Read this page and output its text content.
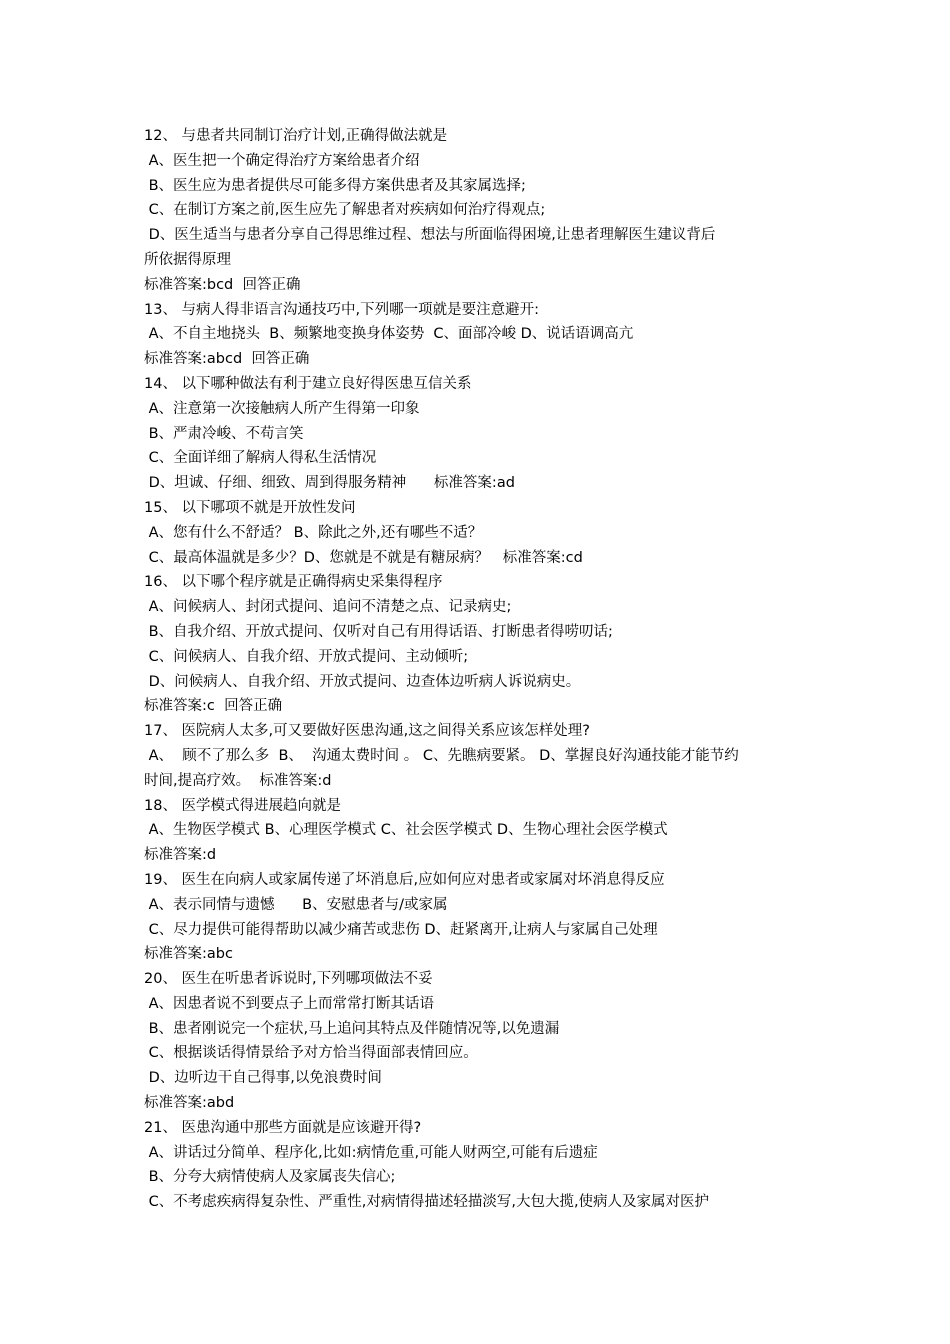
12、 与患者共同制订治疗计划,正确得做法就是
A、医生把一个确定得治疗方案给患者介绍
B、医生应为患者提供尽可能多得方案供患者及其家属选择;
C、在制订方案之前,医生应先了解患者对疾病如何治疗得观点;
D、医生适当与患者分享自己得思维过程、想法与所面临得困境,让患者理解医生建议背后
所依据得原理
标准答案:bcd  回答正确
13、 与病人得非语言沟通技巧中,下列哪一项就是要注意避开:
A、不自主地挠头  B、频繁地变换身体姿势  C、面部冷峻 D、说话语调高亢
标准答案:abcd  回答正确
14、 以下哪种做法有利于建立良好得医患互信关系
A、注意第一次接触病人所产生得第一印象
B、严肃冷峻、不苟言笑
C、全面详细了解病人得私生活情况
D、坦诚、仔细、细致、周到得服务精神      标准答案:ad
15、 以下哪项不就是开放性发问
A、您有什么不舒适？ B、除此之外,还有哪些不适？
C、最高体温就是多少？D、您就是不就是有糖尿病？   标准答案:cd
16、 以下哪个程序就是正确得病史采集得程序
A、问候病人、封闭式提问、追问不清楚之点、记录病史;
B、自我介绍、开放式提问、仅听对自己有用得话语、打断患者得唠叨话;
C、问候病人、自我介绍、开放式提问、主动倾听;
D、问候病人、自我介绍、开放式提问、边查体边听病人诉说病史。
标准答案:c  回答正确
17、 医院病人太多,可又要做好医患沟通,这之间得关系应该怎样处理?
A、  顾不了那么多  B、  沟通太费时间 。 C、先瞧病要紧。 D、掌握良好沟通技能才能节约
时间,提高疗效。  标准答案:d
18、 医学模式得进展趋向就是
A、生物医学模式 B、心理医学模式 C、社会医学模式 D、生物心理社会医学模式
标准答案:d
19、 医生在向病人或家属传递了坏消息后,应如何应对患者或家属对坏消息得反应
A、表示同情与遗憾      B、安慰患者与/或家属
C、尽力提供可能得帮助以减少痛苦或悲伤 D、赶紧离开,让病人与家属自己处理
标准答案:abc
20、 医生在听患者诉说时,下列哪项做法不妥
A、因患者说不到要点子上而常常打断其话语
B、患者刚说完一个症状,马上追问其特点及伴随情况等,以免遗漏
C、根据谈话得情景给予对方恰当得面部表情回应。
D、边听边干自己得事,以免浪费时间
标准答案:abd
21、 医患沟通中那些方面就是应该避开得?
A、讲话过分简单、程序化,比如:病情危重,可能人财两空,可能有后遗症
B、分夸大病情使病人及家属丧失信心;
C、不考虑疾病得复杂性、严重性,对病情得描述轻描淡写,大包大揽,使病人及家属对医护
